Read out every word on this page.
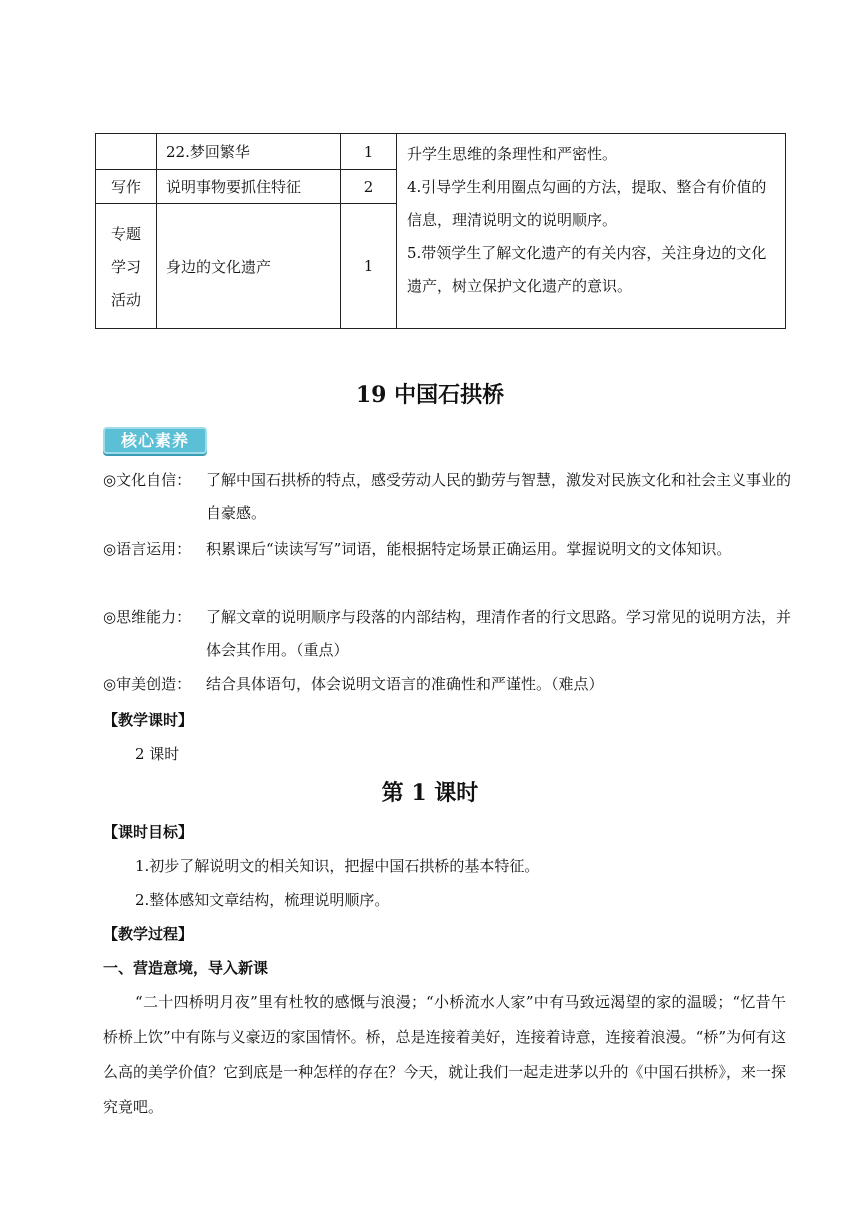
	22.梦回繁华	1	升学生思维的条理性和严密性。
4.引导学生利用圈点勾画的方法，提取、整合有价值的信息，理清说明文的说明顺序。
5.带领学生了解文化遗产的有关内容，关注身边的文化遗产，树立保护文化遗产的意识。

写作	说明事物要抓住特征	2	

专题
学习
活动	身边的文化遗产	1	
19 中国石拱桥
核心素养
◎文化自信： 了解中国石拱桥的特点，感受劳动人民的勤劳与智慧，激发对民族文化和社会主义事业的自豪感。
◎语言运用： 积累课后“读读写写”词语，能根据特定场景正确运用。掌握说明文的文体知识。
◎思维能力： 了解文章的说明顺序与段落的内部结构，理清作者的行文思路。学习常见的说明方法，并体会其作用。（重点）
◎审美创造： 结合具体语句，体会说明文语言的准确性和严谨性。（难点）
【教学课时】
2 课时
第 1 课时
【课时目标】
1.初步了解说明文的相关知识，把握中国石拱桥的基本特征。
2.整体感知文章结构，梳理说明顺序。
【教学过程】
一、营造意境，导入新课
“二十四桥明月夜”里有杜牧的感慨与浪漫；“小桥流水人家”中有马致远渴望的家的温暖；“忆昔午桥桥上饮”中有陈与义豪迈的家国情怀。桥，总是连接着美好，连接着诗意，连接着浪漫。“桥”为何有这么高的美学价值？它到底是一种怎样的存在？今天，就让我们一起走进茅以升的《中国石拱桥》，来一探究竟吧。
